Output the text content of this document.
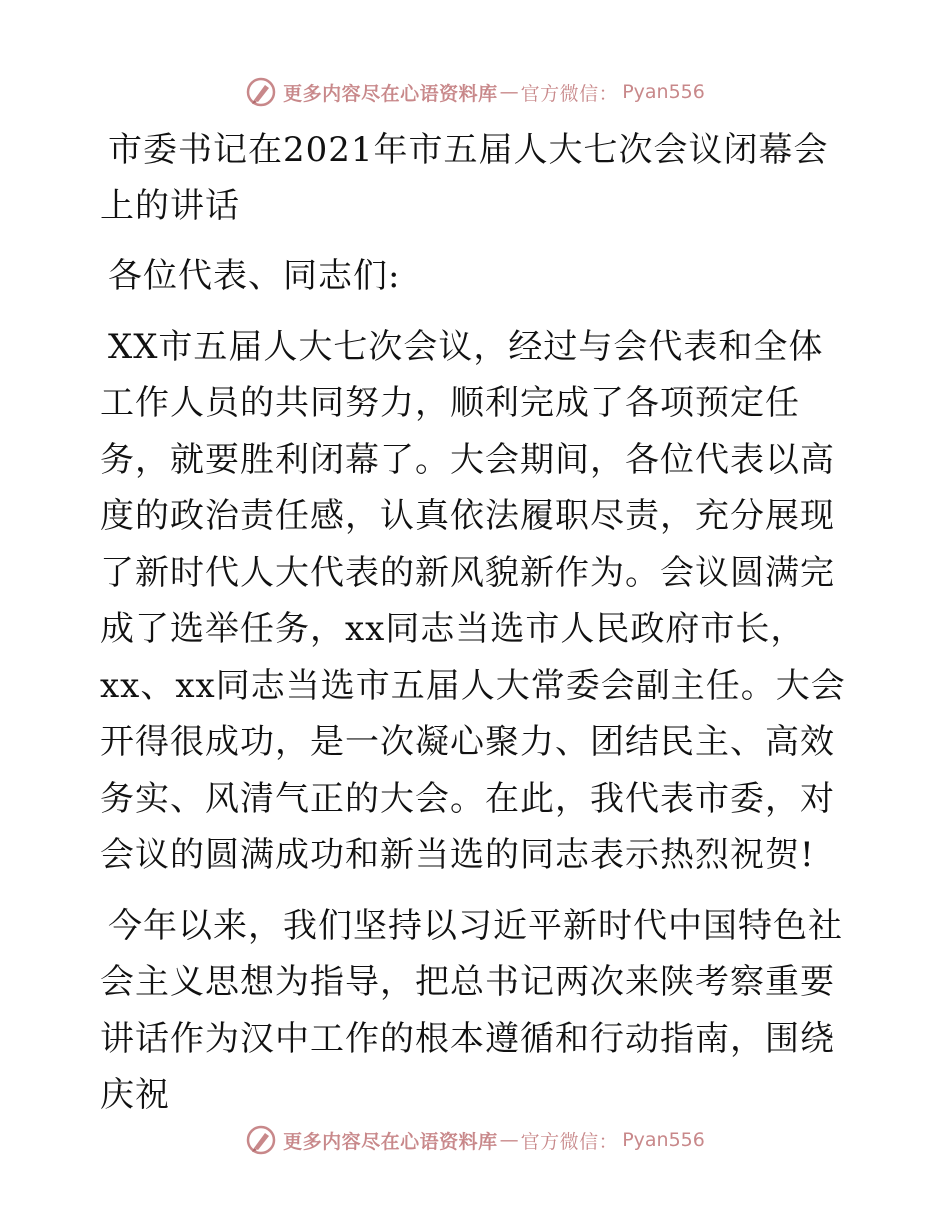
更多内容尽在心语资料库 — 官方微信： Pyan556
市委书记在2021年市五届人大七次会议闭幕会上的讲话
各位代表、同志们:
XX市五届人大七次会议，经过与会代表和全体工作人员的共同努力，顺利完成了各项预定任务，就要胜利闭幕了。大会期间，各位代表以高度的政治责任感，认真依法履职尽责，充分展现了新时代人大代表的新风貌新作为。会议圆满完成了选举任务，xx同志当选市人民政府市长，xx、xx同志当选市五届人大常委会副主任。大会开得很成功，是一次凝心聚力、团结民主、高效务实、风清气正的大会。在此，我代表市委，对会议的圆满成功和新当选的同志表示热烈祝贺!
今年以来，我们坚持以习近平新时代中国特色社会主义思想为指导，把总书记两次来陕考察重要讲话作为汉中工作的根本遵循和行动指南，围绕庆祝
更多内容尽在心语资料库 — 官方微信： Pyan556
